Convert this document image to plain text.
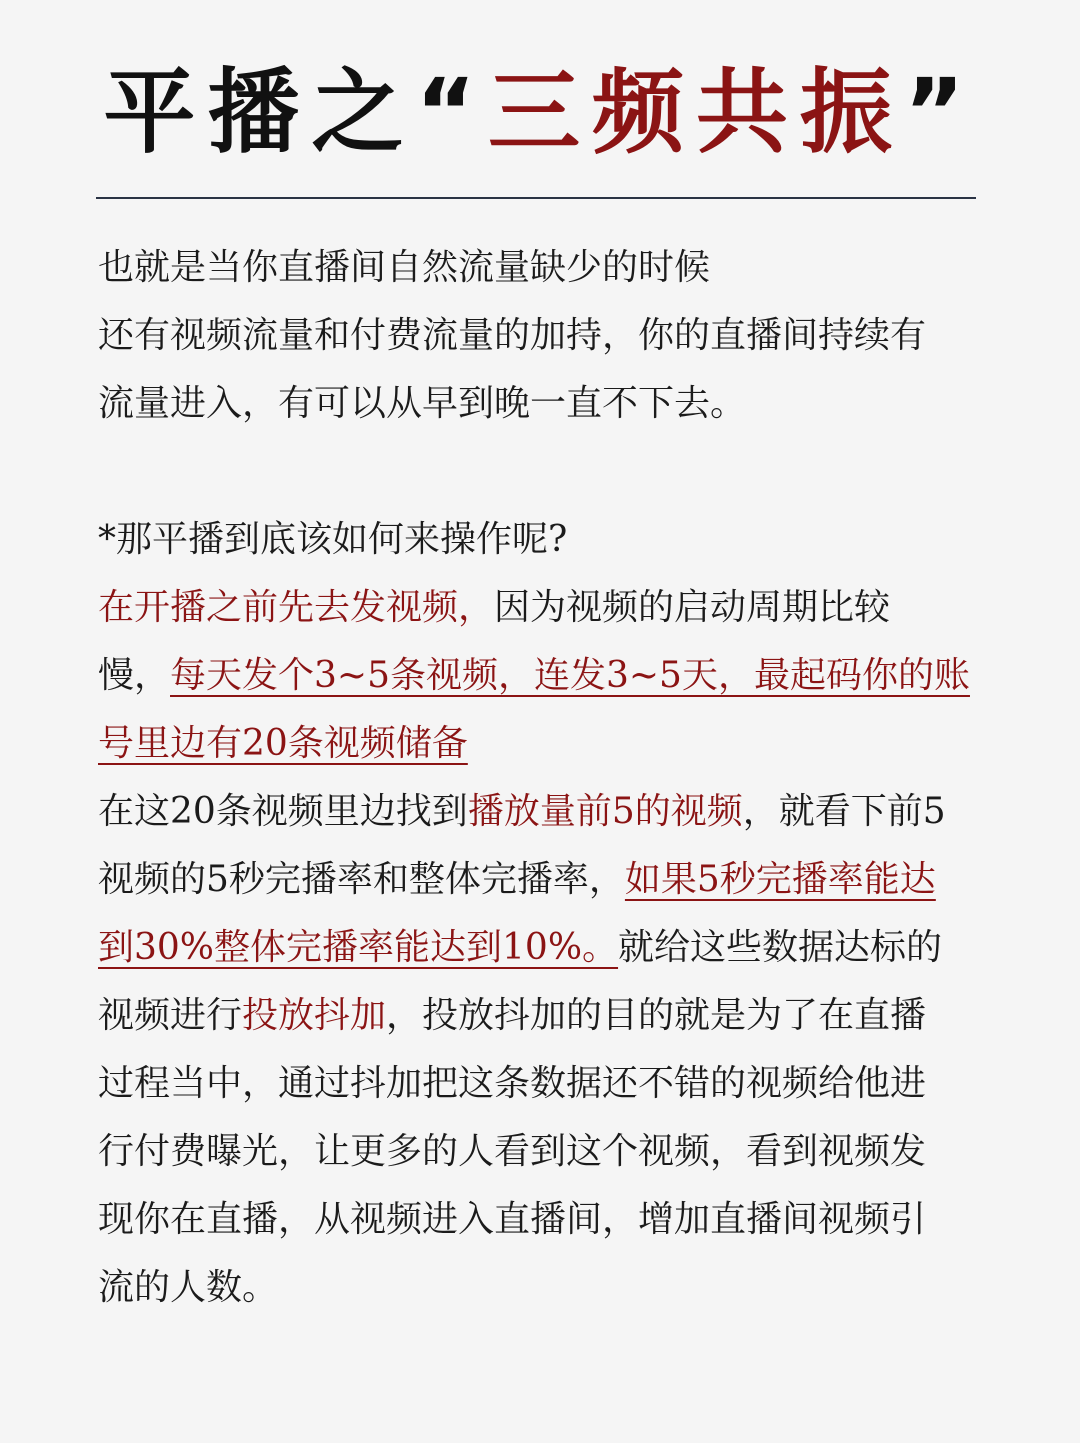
平播之“三频共振”

也就是当你直播间自然流量缺少的时候

还有视频流量和付费流量的加持，你的直播间持续有

流量进入，有可以从早到晚一直不下去。

*那平播到底该如何来操作呢?

在开播之前先去发视频，因为视频的启动周期比较

慢，每天发个3~5条视频，连发3~5天，最起码你的账

号里边有20条视频储备

在这20条视频里边找到播放量前5的视频，就看下前5

视频的5秒完播率和整体完播率，如果5秒完播率能达

到30%整体完播率能达到10%。就给这些数据达标的

视频进行投放抖加，投放抖加的目的就是为了在直播

过程当中，通过抖加把这条数据还不错的视频给他进

行付费曝光，让更多的人看到这个视频，看到视频发

现你在直播，从视频进入直播间，增加直播间视频引

流的人数。
